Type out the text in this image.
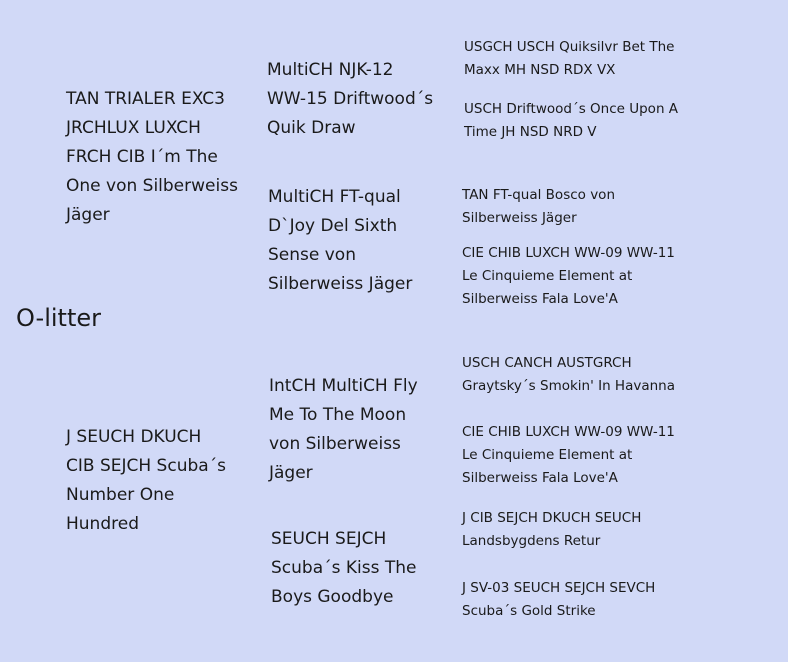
O-litter
TAN TRIALER EXC3
JRCHLUX LUXCH
FRCH CIB I´m The
One von Silberweiss
Jäger
J SEUCH DKUCH
CIB SEJCH Scuba´s
Number One
Hundred
MultiCH NJK-12
WW-15 Driftwood´s
Quik Draw
MultiCH FT-qual
D`Joy Del Sixth
Sense von
Silberweiss Jäger
IntCH MultiCH Fly
Me To The Moon
von Silberweiss
Jäger
SEUCH SEJCH
Scuba´s Kiss The
Boys Goodbye
USGCH USCH Quiksilvr Bet The
Maxx MH NSD RDX VX
USCH Driftwood´s Once Upon A
Time JH NSD NRD V
TAN FT-qual Bosco von
Silberweiss Jäger
CIE CHIB LUXCH WW-09 WW-11
Le Cinquieme Element at
Silberweiss Fala Love'A
USCH CANCH AUSTGRCH
Graytsky´s Smokin' In Havanna
CIE CHIB LUXCH WW-09 WW-11
Le Cinquieme Element at
Silberweiss Fala Love'A
J CIB SEJCH DKUCH SEUCH
Landsbygdens Retur
J SV-03 SEUCH SEJCH SEVCH
Scuba´s Gold Strike
